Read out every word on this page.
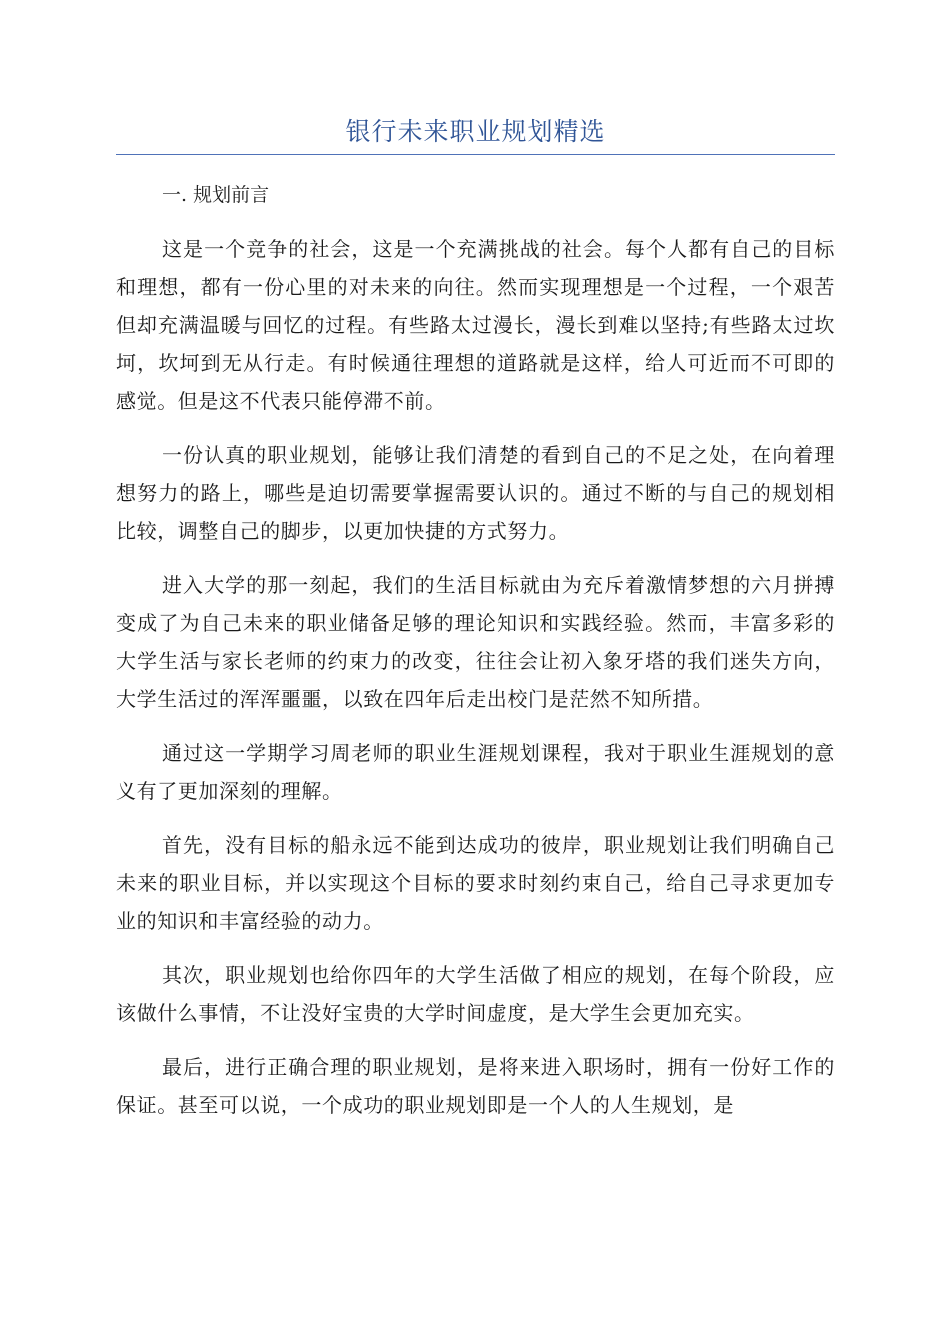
银行未来职业规划精选

一. 规划前言

这是一个竞争的社会，这是一个充满挑战的社会。每个人都有自己的目标和理想，都有一份心里的对未来的向往。然而实现理想是一个过程，一个艰苦但却充满温暖与回忆的过程。有些路太过漫长，漫长到难以坚持;有些路太过坎坷，坎坷到无从行走。有时候通往理想的道路就是这样，给人可近而不可即的感觉。但是这不代表只能停滞不前。

一份认真的职业规划，能够让我们清楚的看到自己的不足之处，在向着理想努力的路上，哪些是迫切需要掌握需要认识的。通过不断的与自己的规划相比较，调整自己的脚步，以更加快捷的方式努力。

进入大学的那一刻起，我们的生活目标就由为充斥着激情梦想的六月拼搏变成了为自己未来的职业储备足够的理论知识和实践经验。然而，丰富多彩的大学生活与家长老师的约束力的改变，往往会让初入象牙塔的我们迷失方向，大学生活过的浑浑噩噩，以致在四年后走出校门是茫然不知所措。

通过这一学期学习周老师的职业生涯规划课程，我对于职业生涯规划的意义有了更加深刻的理解。

首先，没有目标的船永远不能到达成功的彼岸，职业规划让我们明确自己未来的职业目标，并以实现这个目标的要求时刻约束自己，给自己寻求更加专业的知识和丰富经验的动力。

其次，职业规划也给你四年的大学生活做了相应的规划，在每个阶段，应该做什么事情，不让没好宝贵的大学时间虚度，是大学生会更加充实。

最后，进行正确合理的职业规划，是将来进入职场时，拥有一份好工作的保证。甚至可以说，一个成功的职业规划即是一个人的人生规划，是
